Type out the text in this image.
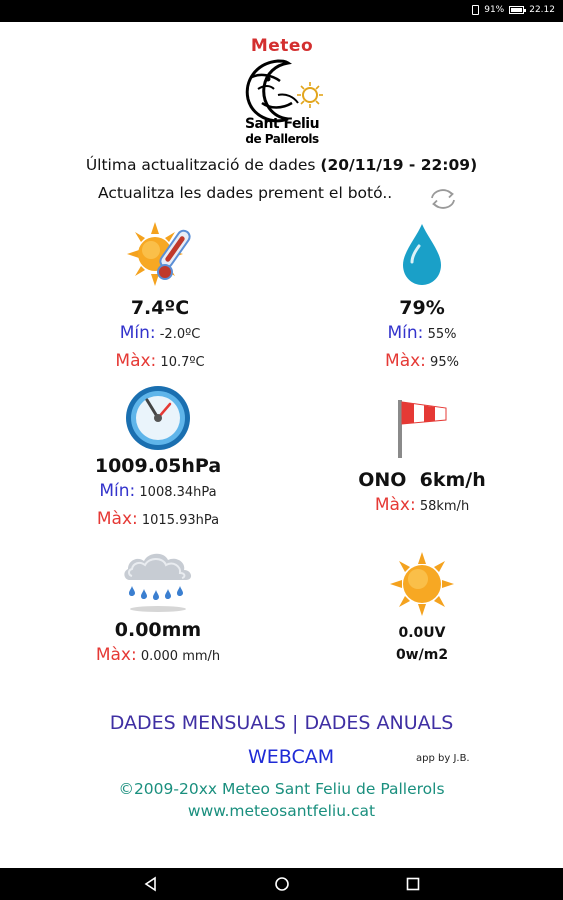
91%	22.12
Meteo
Sant Feliu
de Pallerols
Última actualització de dades (20/11/19 - 22:09)
Actualitza les dades prement el botó..
7.4ºC
Mín: -2.0ºC
Màx: 10.7ºC
79%
Mín: 55%
Màx: 95%
1009.05hPa
Mín: 1008.34hPa
Màx: 1015.93hPa
ONO  6km/h
Màx: 58km/h
0.00mm
Màx: 0.000 mm/h
0.0UV
0w/m2
DADES MENSUALS | DADES ANUALS
WEBCAM	app by J.B.
©2009-20xx Meteo Sant Feliu de Pallerols
www.meteosantfeliu.cat
